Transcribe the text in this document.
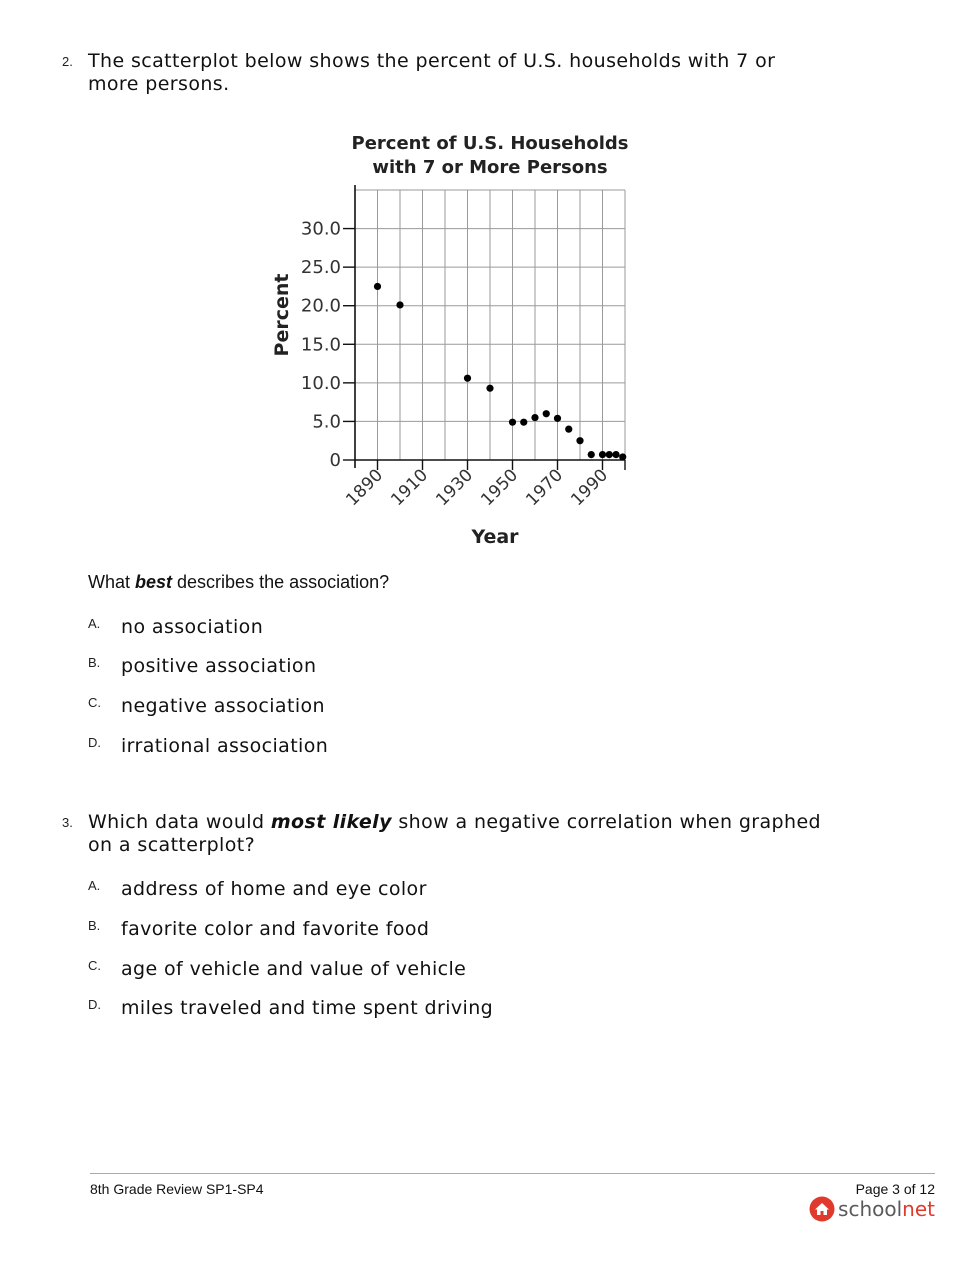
2. The scatterplot below shows the percent of U.S. households with 7 or
more persons.
Percent of U.S. Households
with 7 or More Persons
0
5.0
10.0
15.0
20.0
25.0
30.0
1890 1910 1930 1950 1970 1990
Percent
Year
What best describes the association?
A. no association
B. positive association
C. negative association
D. irrational association
3. Which data would most likely show a negative correlation when graphed
on a scatterplot?
A. address of home and eye color
B. favorite color and favorite food
C. age of vehicle and value of vehicle
D. miles traveled and time spent driving
8th Grade Review SP1-SP4	Page 3 of 12
schoolnet
